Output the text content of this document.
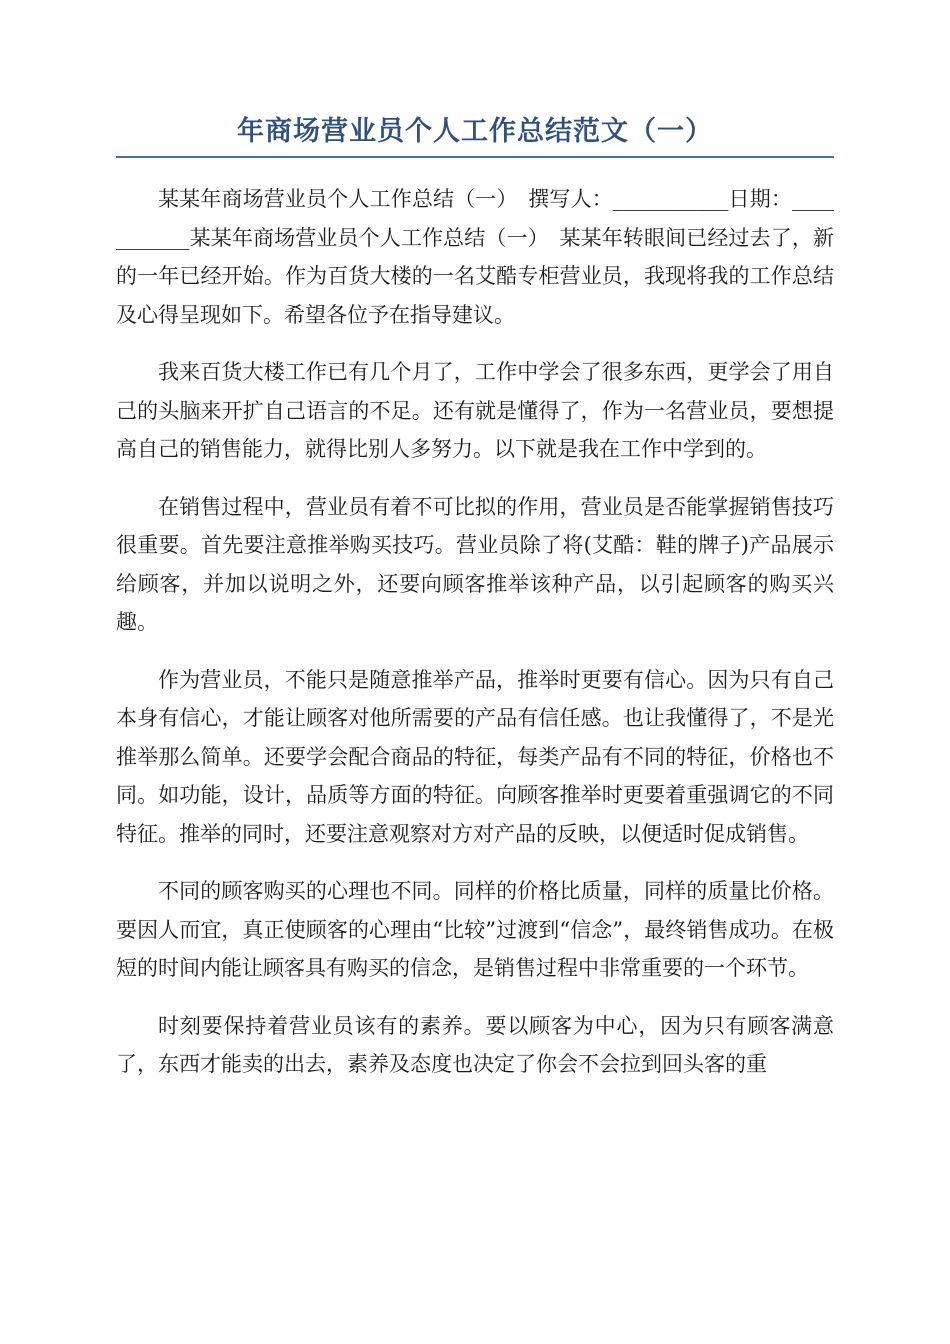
年商场营业员个人工作总结范文（一）

某某年商场营业员个人工作总结（一）　撰写人：___________日期：___________某某年商场营业员个人工作总结（一）　某某年转眼间已经过去了，新的一年已经开始。作为百货大楼的一名艾酷专柜营业员，我现将我的工作总结及心得呈现如下。希望各位予在指导建议。

我来百货大楼工作已有几个月了，工作中学会了很多东西，更学会了用自己的头脑来开扩自己语言的不足。还有就是懂得了，作为一名营业员，要想提高自己的销售能力，就得比别人多努力。以下就是我在工作中学到的。

在销售过程中，营业员有着不可比拟的作用，营业员是否能掌握销售技巧很重要。首先要注意推举购买技巧。营业员除了将(艾酷：鞋的牌子)产品展示给顾客，并加以说明之外，还要向顾客推举该种产品，以引起顾客的购买兴趣。

作为营业员，不能只是随意推举产品，推举时更要有信心。因为只有自己本身有信心，才能让顾客对他所需要的产品有信任感。也让我懂得了，不是光推举那么简单。还要学会配合商品的特征，每类产品有不同的特征，价格也不同。如功能，设计，品质等方面的特征。向顾客推举时更要着重强调它的不同特征。推举的同时，还要注意观察对方对产品的反映，以便适时促成销售。

不同的顾客购买的心理也不同。同样的价格比质量，同样的质量比价格。要因人而宜，真正使顾客的心理由“比较”过渡到“信念”，最终销售成功。在极短的时间内能让顾客具有购买的信念，是销售过程中非常重要的一个环节。

时刻要保持着营业员该有的素养。要以顾客为中心，因为只有顾客满意了，东西才能卖的出去，素养及态度也决定了你会不会拉到回头客的重
